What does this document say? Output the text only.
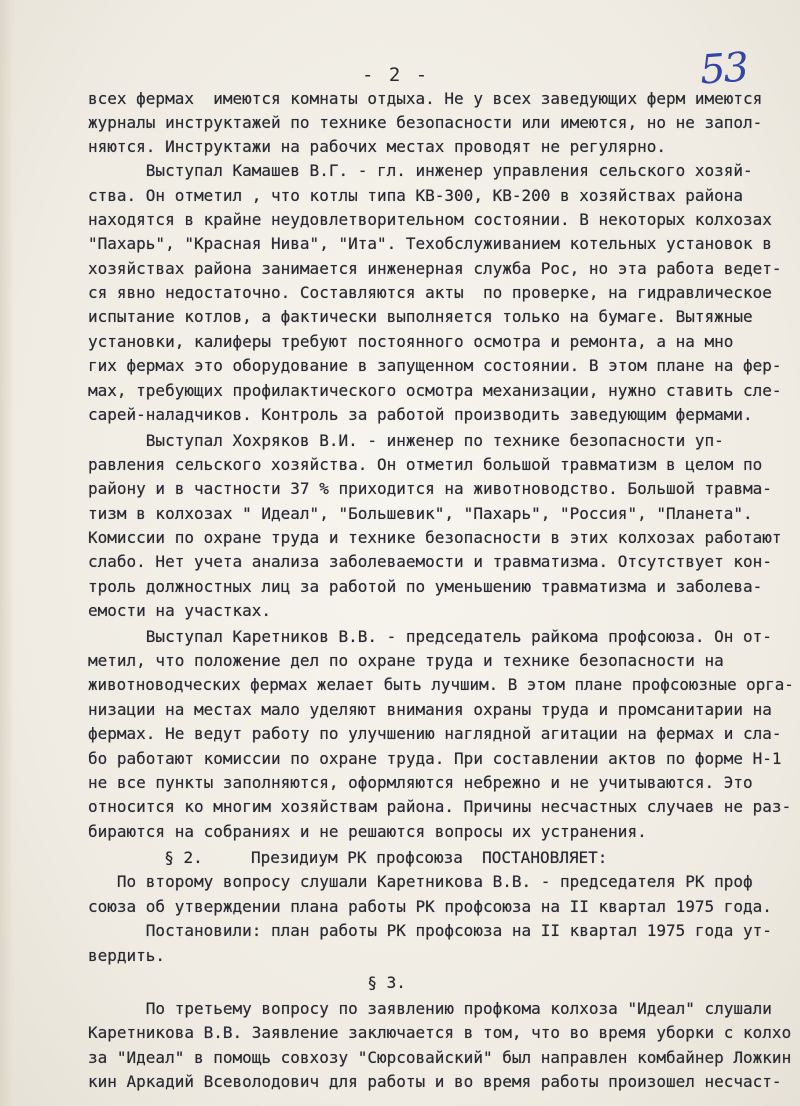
- 2 -	53
всех фермах  имеются комнаты отдыха. Не у всех заведующих ферм имеются
журналы инструктажей по технике безопасности или имеются, но не запол-
няются. Инструктажи на рабочих местах проводят не регулярно.
Выступал Камашев В.Г. - гл. инженер управления сельского хозяй-
ства. Он отметил , что котлы типа КВ-300, КВ-200 в хозяйствах района
находятся в крайне неудовлетворительном состоянии. В некоторых колхозах
"Пахарь", "Красная Нива", "Ита". Техобслуживанием котельных установок в
хозяйствах района занимается инженерная служба Рос, но эта работа ведет-
ся явно недостаточно. Составляются акты  по проверке, на гидравлическое
испытание котлов, а фактически выполняется только на бумаге. Вытяжные
установки, калиферы требуют постоянного осмотра и ремонта, а на мно
гих фермах это оборудование в запущенном состоянии. В этом плане на фер-
мах, требующих профилактического осмотра механизации, нужно ставить сле-
сарей-наладчиков. Контроль за работой производить заведующим фермами.
Выступал Хохряков В.И. - инженер по технике безопасности уп-
равления сельского хозяйства. Он отметил большой травматизм в целом по
району и в частности 37 % приходится на животноводство. Большой травма-
тизм в колхозах " Идеал", "Большевик", "Пахарь", "Россия", "Планета".
Комиссии по охране труда и технике безопасности в этих колхозах работают
слабо. Нет учета анализа заболеваемости и травматизма. Отсутствует кон-
троль должностных лиц за работой по уменьшению травматизма и заболева-
емости на участках.
Выступал Каретников В.В. - председатель райкома профсоюза. Он от-
метил, что положение дел по охране труда и технике безопасности на
животноводческих фермах желает быть лучшим. В этом плане профсоюзные орга-
низации на местах мало уделяют внимания охраны труда и промсанитарии на
фермах. Не ведут работу по улучшению наглядной агитации на фермах и сла-
бо работают комиссии по охране труда. При составлении актов по форме Н-1
не все пункты заполняются, оформляются небрежно и не учитываются. Это
относится ко многим хозяйствам района. Причины несчастных случаев не раз-
бираются на собраниях и не решаются вопросы их устранения.
§ 2.     Президиум РК профсоюза  ПОСТАНОВЛЯЕТ:
По второму вопросу слушали Каретникова В.В. - председателя РК проф
союза об утверждении плана работы РК профсоюза на II квартал 1975 года.
Постановили: план работы РК профсоюза на II квартал 1975 года ут-
вердить.
§ 3.
По третьему вопросу по заявлению профкома колхоза "Идеал" слушали
Каретникова В.В. Заявление заключается в том, что во время уборки с колхо
за "Идеал" в помощь совхозу "Сюрсовайский" был направлен комбайнер Ложкин
кин Аркадий Всеволодович для работы и во время работы произошел несчаст-
